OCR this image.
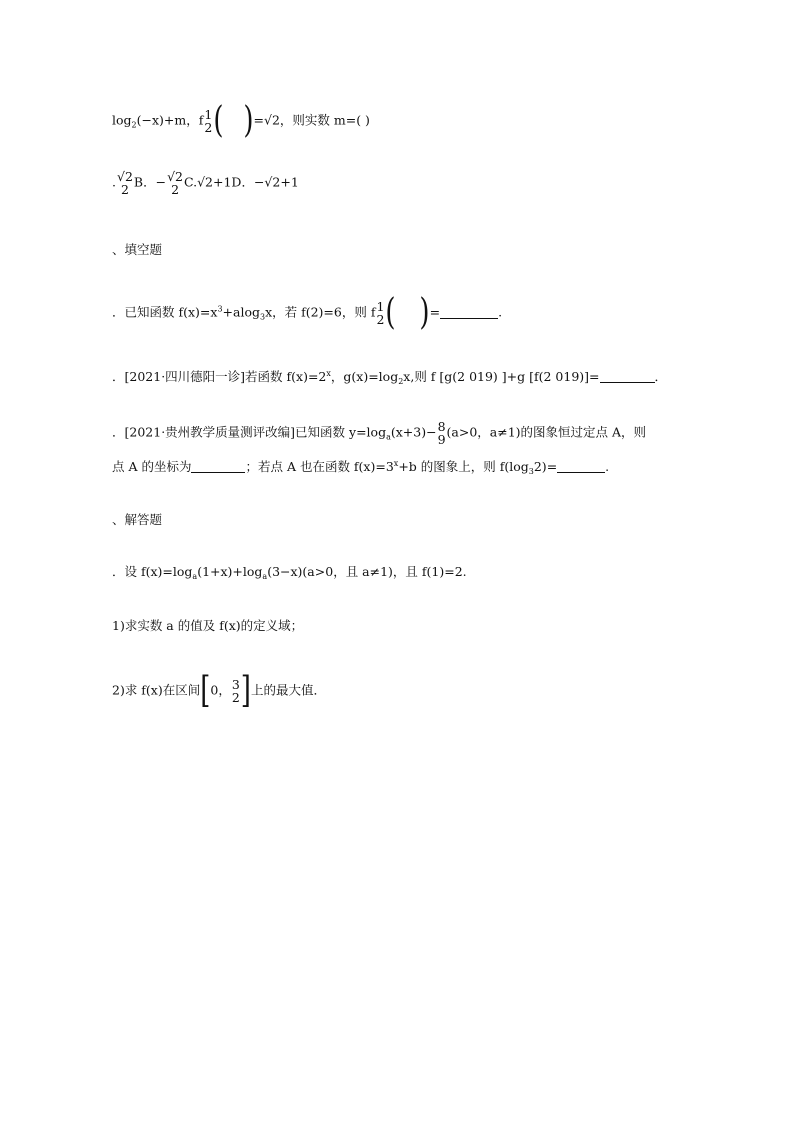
$\log_2(-x)+m$，f 1
2 ( )=√2，则实数 m=( )
. √2
2 B．− √2
2 C.√2+1D．−√2+1
、填空题
．已知函数 $f(x)=x^3+alog_3x$，若 f(2)=6，则 f 1
2 ( )=	.
．[2021·四川德阳一诊]若函数 $f(x)=2^x$，$g(x)=\log_2x$,则 f [g(2 019) ]+g [f(2 019)]=	．
．[2021·贵州教学质量测评改编]已知函数 $y=\log_a(x+3)- 8$
9 (a>0，a≠1)的图象恒过定点 A，则
点 A 的坐标为	；若点 A 也在函数 $f(x)=3^x+b$ 的图象上，则 $f(\log_32)=$	.
、解答题
．设 $f(x)=\log_a(1+x)+\log_a(3-x)(a>0$，且 a≠1)，且 f(1)=2.
1)求实数 a 的值及 f(x)的定义域；
2)求 f(x)在区间[0， 3
2 ]上的最大值．
